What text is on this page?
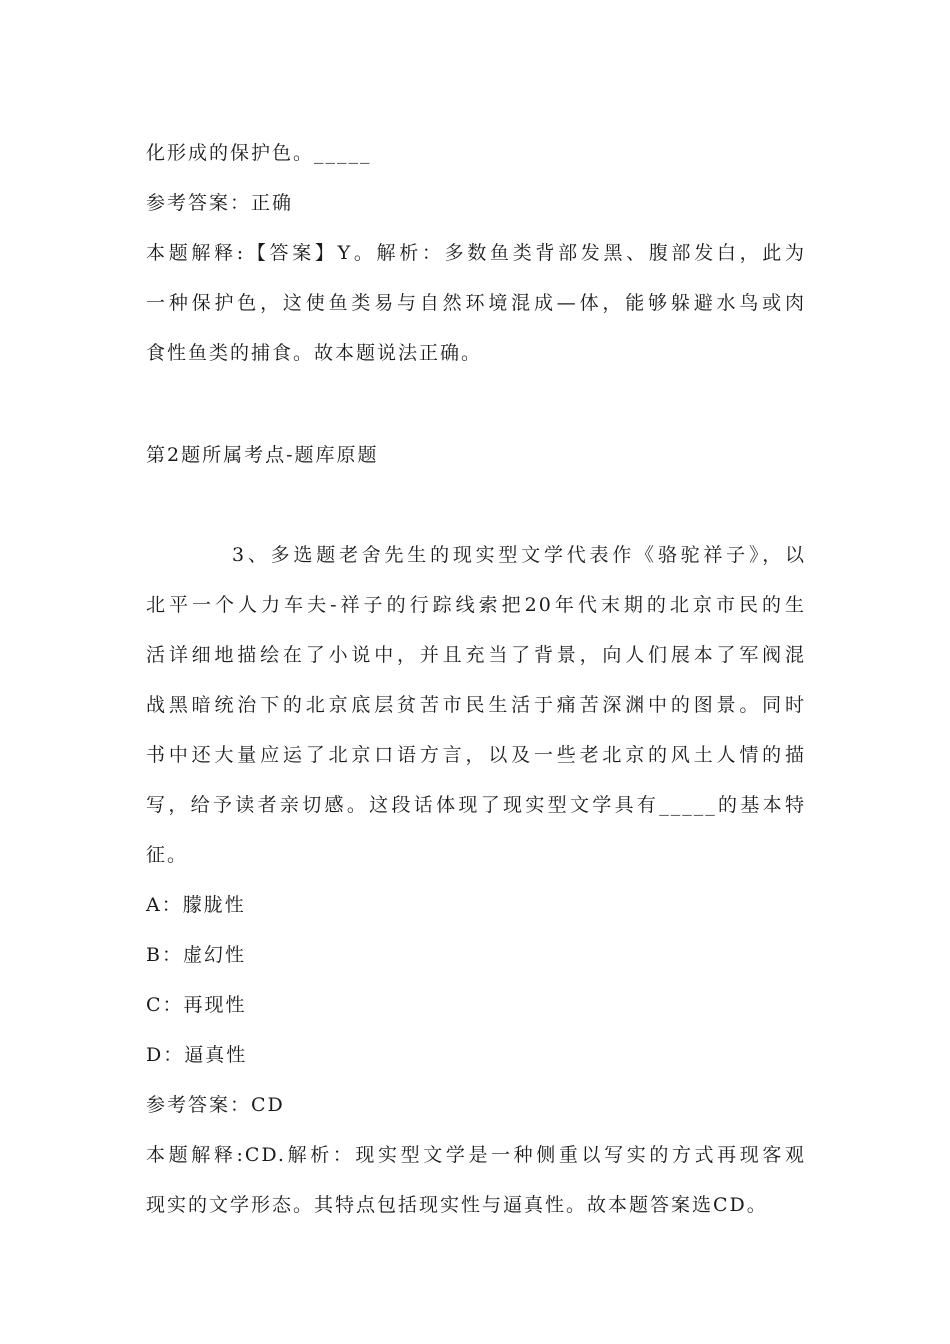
化形成的保护色。_____
参考答案：正确
本题解释:【答案】Y。解析：多数鱼类背部发黑、腹部发白，此为
一种保护色，这使鱼类易与自然环境混成—体，能够躲避水鸟或肉
食性鱼类的捕食。故本题说法正确。
第2题所属考点-题库原题
3、多选题老舍先生的现实型文学代表作《骆驼祥子》，以
北平一个人力车夫-祥子的行踪线索把20年代末期的北京市民的生
活详细地描绘在了小说中，并且充当了背景，向人们展本了军阀混
战黑暗统治下的北京底层贫苦市民生活于痛苦深渊中的图景。同时
书中还大量应运了北京口语方言，以及一些老北京的风土人情的描
写，给予读者亲切感。这段话体现了现实型文学具有_____的基本特
征。
A：朦胧性
B：虚幻性
C：再现性
D：逼真性
参考答案：CD
本题解释:CD.解析：现实型文学是一种侧重以写实的方式再现客观
现实的文学形态。其特点包括现实性与逼真性。故本题答案选CD。
